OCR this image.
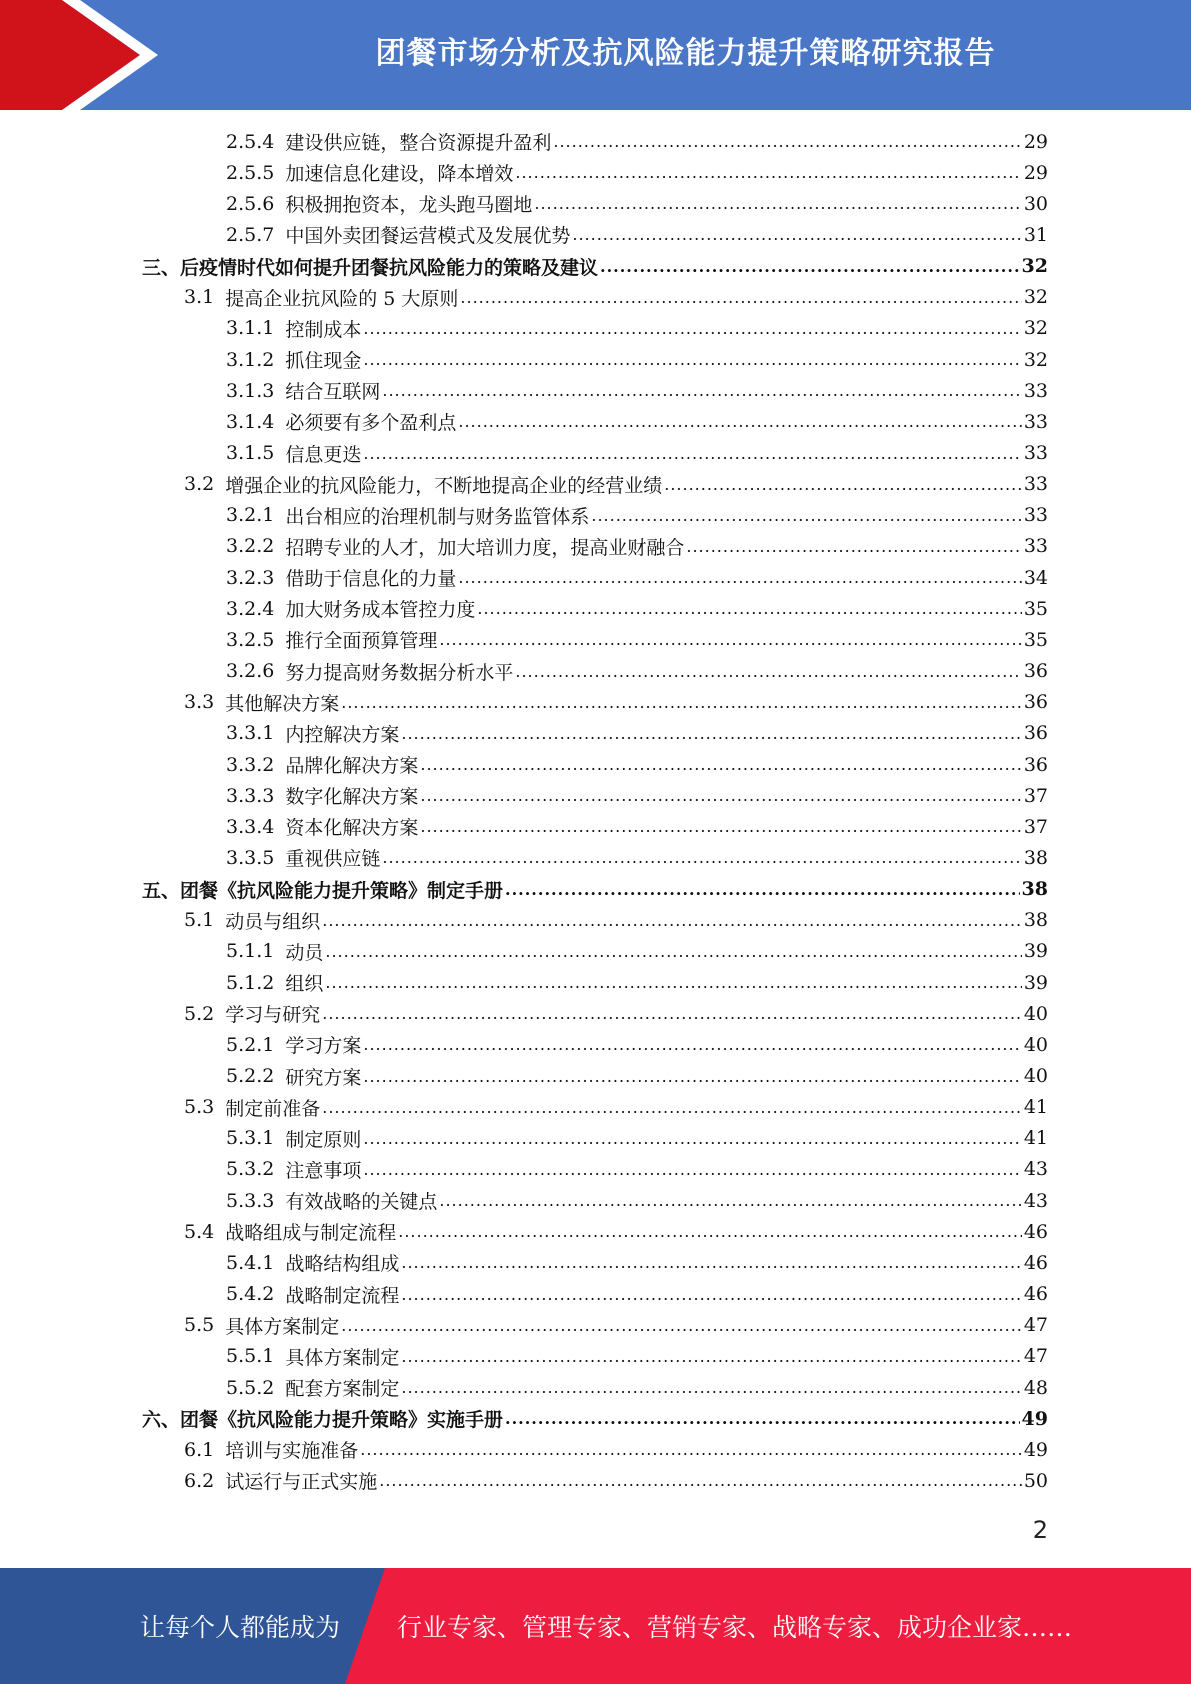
团餐市场分析及抗风险能力提升策略研究报告
2.5.4 建设供应链，整合资源提升盈利 .....	29
2.5.5 加速信息化建设，降本增效 .....	29
2.5.6 积极拥抱资本，龙头跑马圈地 .....	30
2.5.7 中国外卖团餐运营模式及发展优势 .....	31
三、后疫情时代如何提升团餐抗风险能力的策略及建议 .....	32
3.1 提高企业抗风险的 5 大原则 .....	32
3.1.1 控制成本 .....	32
3.1.2 抓住现金 .....	32
3.1.3 结合互联网 .....	33
3.1.4 必须要有多个盈利点 .....	33
3.1.5 信息更迭 .....	33
3.2 增强企业的抗风险能力，不断地提高企业的经营业绩 .....	33
3.2.1 出台相应的治理机制与财务监管体系 .....	33
3.2.2 招聘专业的人才，加大培训力度，提高业财融合 .....	33
3.2.3 借助于信息化的力量 .....	34
3.2.4 加大财务成本管控力度 .....	35
3.2.5 推行全面预算管理 .....	35
3.2.6 努力提高财务数据分析水平 .....	36
3.3 其他解决方案 .....	36
3.3.1 内控解决方案 .....	36
3.3.2 品牌化解决方案 .....	36
3.3.3 数字化解决方案 .....	37
3.3.4 资本化解决方案 .....	37
3.3.5 重视供应链 .....	38
五、团餐《抗风险能力提升策略》制定手册 .....	38
5.1 动员与组织 .....	38
5.1.1 动员 .....	39
5.1.2 组织 .....	39
5.2 学习与研究 .....	40
5.2.1 学习方案 .....	40
5.2.2 研究方案 .....	40
5.3 制定前准备 .....	41
5.3.1 制定原则 .....	41
5.3.2 注意事项 .....	43
5.3.3 有效战略的关键点 .....	43
5.4 战略组成与制定流程 .....	46
5.4.1 战略结构组成 .....	46
5.4.2 战略制定流程 .....	46
5.5 具体方案制定 .....	47
5.5.1 具体方案制定 .....	47
5.5.2 配套方案制定 .....	48
六、团餐《抗风险能力提升策略》实施手册 .....	49
6.1 培训与实施准备 .....	49
6.2 试运行与正式实施 .....	50
2
让每个人都能成为 行业专家、管理专家、营销专家、战略专家、成功企业家……
